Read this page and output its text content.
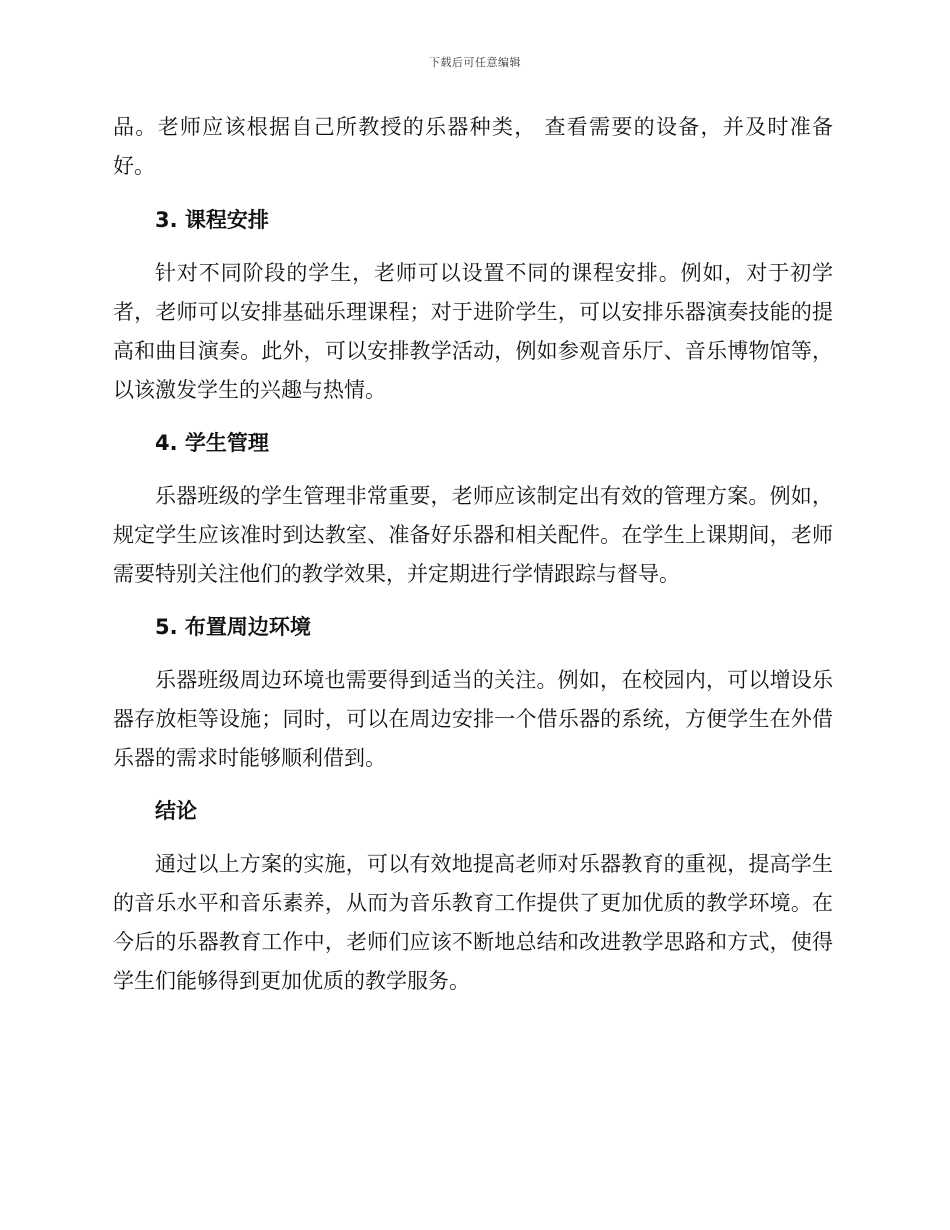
下载后可任意编辑

品。老师应该根据自己所教授的乐器种类， 查看需要的设备，并及时准备好。

3. 课程安排

针对不同阶段的学生，老师可以设置不同的课程安排。例如，对于初学者，老师可以安排基础乐理课程；对于进阶学生，可以安排乐器演奏技能的提高和曲目演奏。此外，可以安排教学活动，例如参观音乐厅、音乐博物馆等，以该激发学生的兴趣与热情。

4. 学生管理

乐器班级的学生管理非常重要，老师应该制定出有效的管理方案。例如，规定学生应该准时到达教室、准备好乐器和相关配件。在学生上课期间，老师需要特别关注他们的教学效果，并定期进行学情跟踪与督导。

5. 布置周边环境

乐器班级周边环境也需要得到适当的关注。例如，在校园内，可以增设乐器存放柜等设施；同时，可以在周边安排一个借乐器的系统，方便学生在外借乐器的需求时能够顺利借到。

结论

通过以上方案的实施，可以有效地提高老师对乐器教育的重视，提高学生的音乐水平和音乐素养，从而为音乐教育工作提供了更加优质的教学环境。在今后的乐器教育工作中，老师们应该不断地总结和改进教学思路和方式，使得学生们能够得到更加优质的教学服务。
